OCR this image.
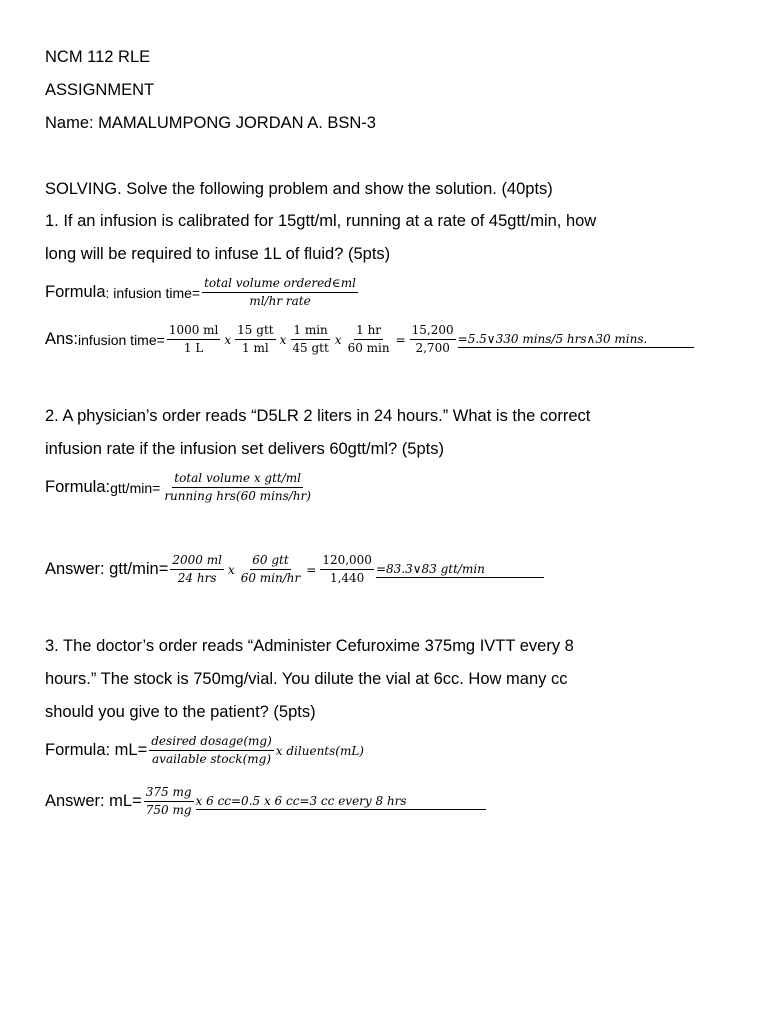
NCM 112 RLE
ASSIGNMENT
Name: MAMALUMPONG JORDAN A. BSN-3
SOLVING. Solve the following problem and show the solution. (40pts)
1. If an infusion is calibrated for 15gtt/ml, running at a rate of 45gtt/min, how
long will be required to infuse 1L of fluid? (5pts)
Formula : infusion time= $\frac{\text{total volume ordered∈ml}}{\text{ml/hr rate}}$
Ans: infusion time= $\frac{1000 ml}{1 L}$ x $\frac{\text{15 gtt}}{1 ml}$ x $\frac{1 \min}{\text{45 gtt}}$ x $\frac{1 hr}{60 \min} = \frac{15,200}{2,700}$ =5.5∨330 mins/5 hrs∧30 mins.
2. A physician’s order reads “D5LR 2 liters in 24 hours.” What is the correct
infusion rate if the infusion set delivers 60gtt/ml? (5pts)
Formula: $gtt/\min= \frac{\text{total volume x gtt/ml}}{\text{running hrs(60 mins/hr)}}$
Answer: $gtt/\min= \frac{2000 ml}{\text{24 hrs}}$ x $\frac{\text{60 gtt}}{60 \min/hr} = \frac{120,000}{1,440}$ =83.3∨83 gtt/min
3. The doctor’s order reads “Administer Cefuroxime 375mg IVTT every 8
hours.” The stock is 750mg/vial. You dilute the vial at 6cc. How many cc
should you give to the patient? (5pts)
Formula: $mL= \frac{\text{desired dosage(mg)}}{\text{available stock(mg)}}$ x diluents(mL)
Answer: $mL= \frac{375 mg}{750 mg}$ x 6 cc=0.5 x 6 cc=3 cc every 8 hrs
